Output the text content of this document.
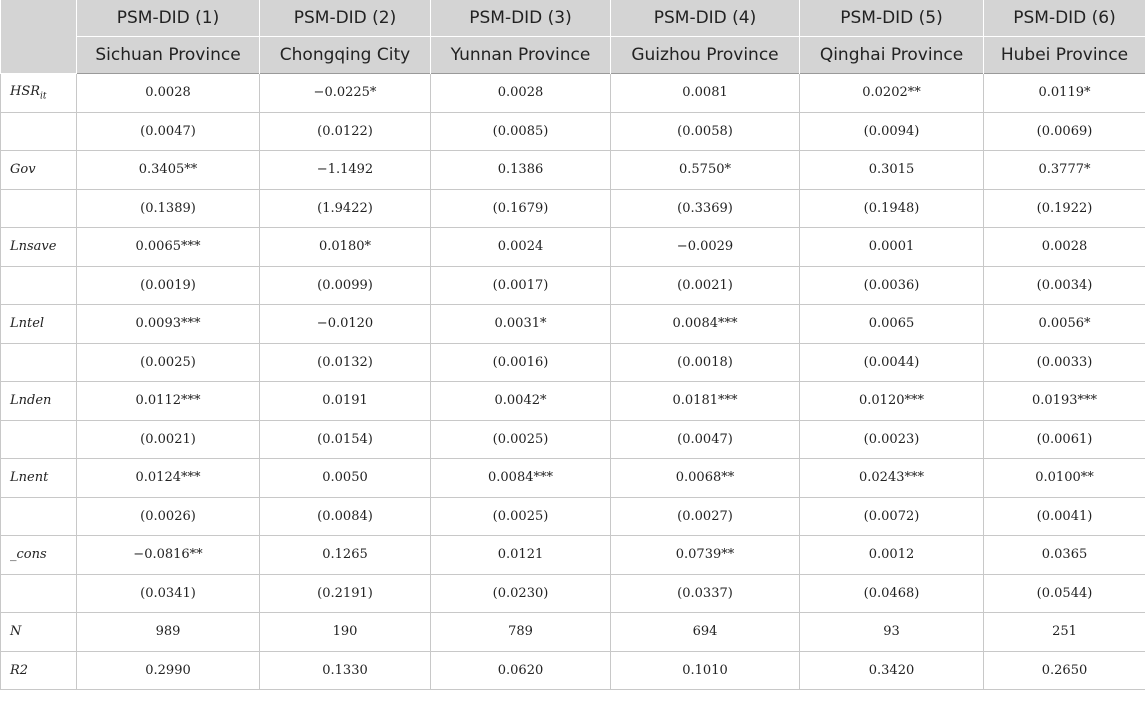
	PSM-DID (1)	PSM-DID (2)	PSM-DID (3)	PSM-DID (4)	PSM-DID (5)	PSM-DID (6)
	Sichuan Province	Chongqing City	Yunnan Province	Guizhou Province	Qinghai Province	Hubei Province
$HSR_{it}$	0.0028	−0.0225*	0.0028	0.0081	0.0202**	0.0119*
	(0.0047)	(0.0122)	(0.0085)	(0.0058)	(0.0094)	(0.0069)
Gov	0.3405**	−1.1492	0.1386	0.5750*	0.3015	0.3777*
	(0.1389)	(1.9422)	(0.1679)	(0.3369)	(0.1948)	(0.1922)
Lnsave	0.0065***	0.0180*	0.0024	−0.0029	0.0001	0.0028
	(0.0019)	(0.0099)	(0.0017)	(0.0021)	(0.0036)	(0.0034)
Lntel	0.0093***	−0.0120	0.0031*	0.0084***	0.0065	0.0056*
	(0.0025)	(0.0132)	(0.0016)	(0.0018)	(0.0044)	(0.0033)
Lnden	0.0112***	0.0191	0.0042*	0.0181***	0.0120***	0.0193***
	(0.0021)	(0.0154)	(0.0025)	(0.0047)	(0.0023)	(0.0061)
Lnent	0.0124***	0.0050	0.0084***	0.0068**	0.0243***	0.0100**
	(0.0026)	(0.0084)	(0.0025)	(0.0027)	(0.0072)	(0.0041)
_cons	−0.0816**	0.1265	0.0121	0.0739**	0.0012	0.0365
	(0.0341)	(0.2191)	(0.0230)	(0.0337)	(0.0468)	(0.0544)
N	989	190	789	694	93	251
R2	0.2990	0.1330	0.0620	0.1010	0.3420	0.2650
